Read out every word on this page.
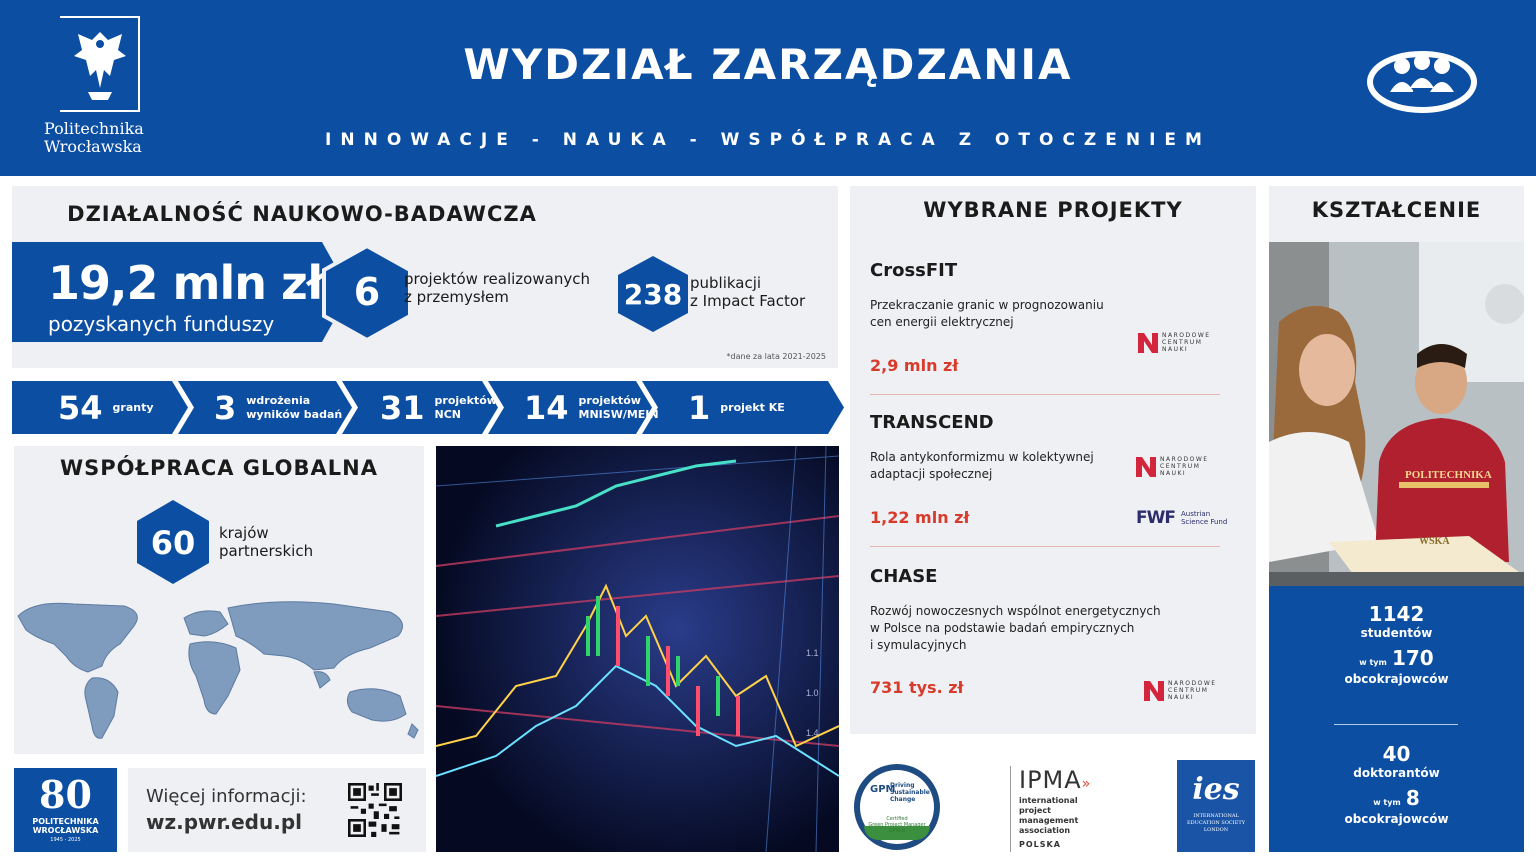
Politechnika
Wrocławska
WYDZIAŁ ZARZĄDZANIA
INNOWACJE - NAUKA - WSPÓŁPRACA Z OTOCZENIEM
Z
DZIAŁALNOŚĆ NAUKOWO-BADAWCZA
19,2 mln zł
pozyskanych funduszy
6	projektów realizowanych
z przemysłem	238 publikacji
z Impact Factor
*dane za lata 2021-2025
54 granty 3 wdrożenia
wyników badań 31 projektów
NCN	14 projektów
MNISW/MEIN 1 projekt KE
WSPÓŁPRACA GLOBALNA
60	krajów
partnerskich
80
POLITECHNIKA
WROCŁAWSKA
1945 - 2025
Więcej informacji:
wz.pwr.edu.pl
1.1
1.0
1.4
WYBRANE PROJEKTY
CrossFIT
Przekraczanie granic w prognozowaniu
cen energii elektrycznej
2,9 mln zł
NARODOWE
CENTRUM
NAUKI
TRANSCEND
Rola antykonformizmu w kolektywnej
adaptacji społecznej
1,22 mln zł
NARODOWE
CENTRUM
NAUKI
FWF Austrian
Science Fund
CHASE
Rozwój nowoczesnych wspólnot energetycznych
w Polsce na podstawie badań empirycznych
i symulacyjnych
731 tys. zł	NARODOWE
CENTRUM
NAUKI
GPM
Driving
Sustainable
Change
Certified
Green Project Manager
GPM-b
IPMA»
international
project
management
association
POLSKA
ies
INTERNATIONAL
EDUCATION SOCIETY
LONDON
KSZTAŁCENIE
POLITECHNIKA
WSKA
1142
studentów
w tym 170
obcokrajowców
40
doktorantów
w tym 8
obcokrajowców
